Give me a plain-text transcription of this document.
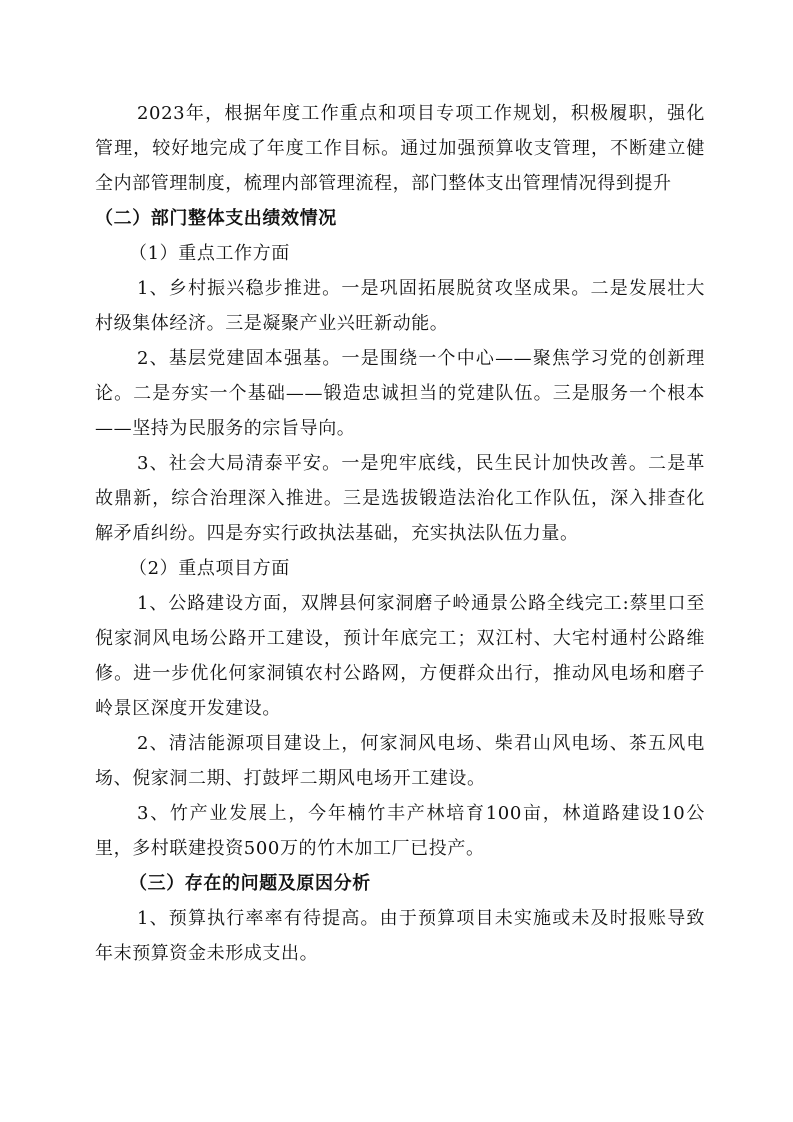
2023年，根据年度工作重点和项目专项工作规划，积极履职，强化管理，较好地完成了年度工作目标。通过加强预算收支管理，不断建立健全内部管理制度，梳理内部管理流程，部门整体支出管理情况得到提升

（二）部门整体支出绩效情况

（1）重点工作方面

1、乡村振兴稳步推进。一是巩固拓展脱贫攻坚成果。二是发展壮大村级集体经济。三是凝聚产业兴旺新动能。

2、基层党建固本强基。一是围绕一个中心——聚焦学习党的创新理论。二是夯实一个基础——锻造忠诚担当的党建队伍。三是服务一个根本——坚持为民服务的宗旨导向。

3、社会大局清泰平安。一是兜牢底线，民生民计加快改善。二是革故鼎新，综合治理深入推进。三是选拔锻造法治化工作队伍，深入排查化解矛盾纠纷。四是夯实行政执法基础，充实执法队伍力量。

（2）重点项目方面

1、公路建设方面，双牌县何家洞磨子岭通景公路全线完工:蔡里口至倪家洞风电场公路开工建设，预计年底完工；双江村、大宅村通村公路维修。进一步优化何家洞镇农村公路网，方便群众出行，推动风电场和磨子岭景区深度开发建设。

2、清洁能源项目建设上，何家洞风电场、柴君山风电场、茶五风电场、倪家洞二期、打鼓坪二期风电场开工建设。

3、竹产业发展上，今年楠竹丰产林培育100亩，林道路建设10公里，多村联建投资500万的竹木加工厂已投产。

（三）存在的问题及原因分析

1、预算执行率率有待提高。由于预算项目未实施或未及时报账导致年末预算资金未形成支出。
